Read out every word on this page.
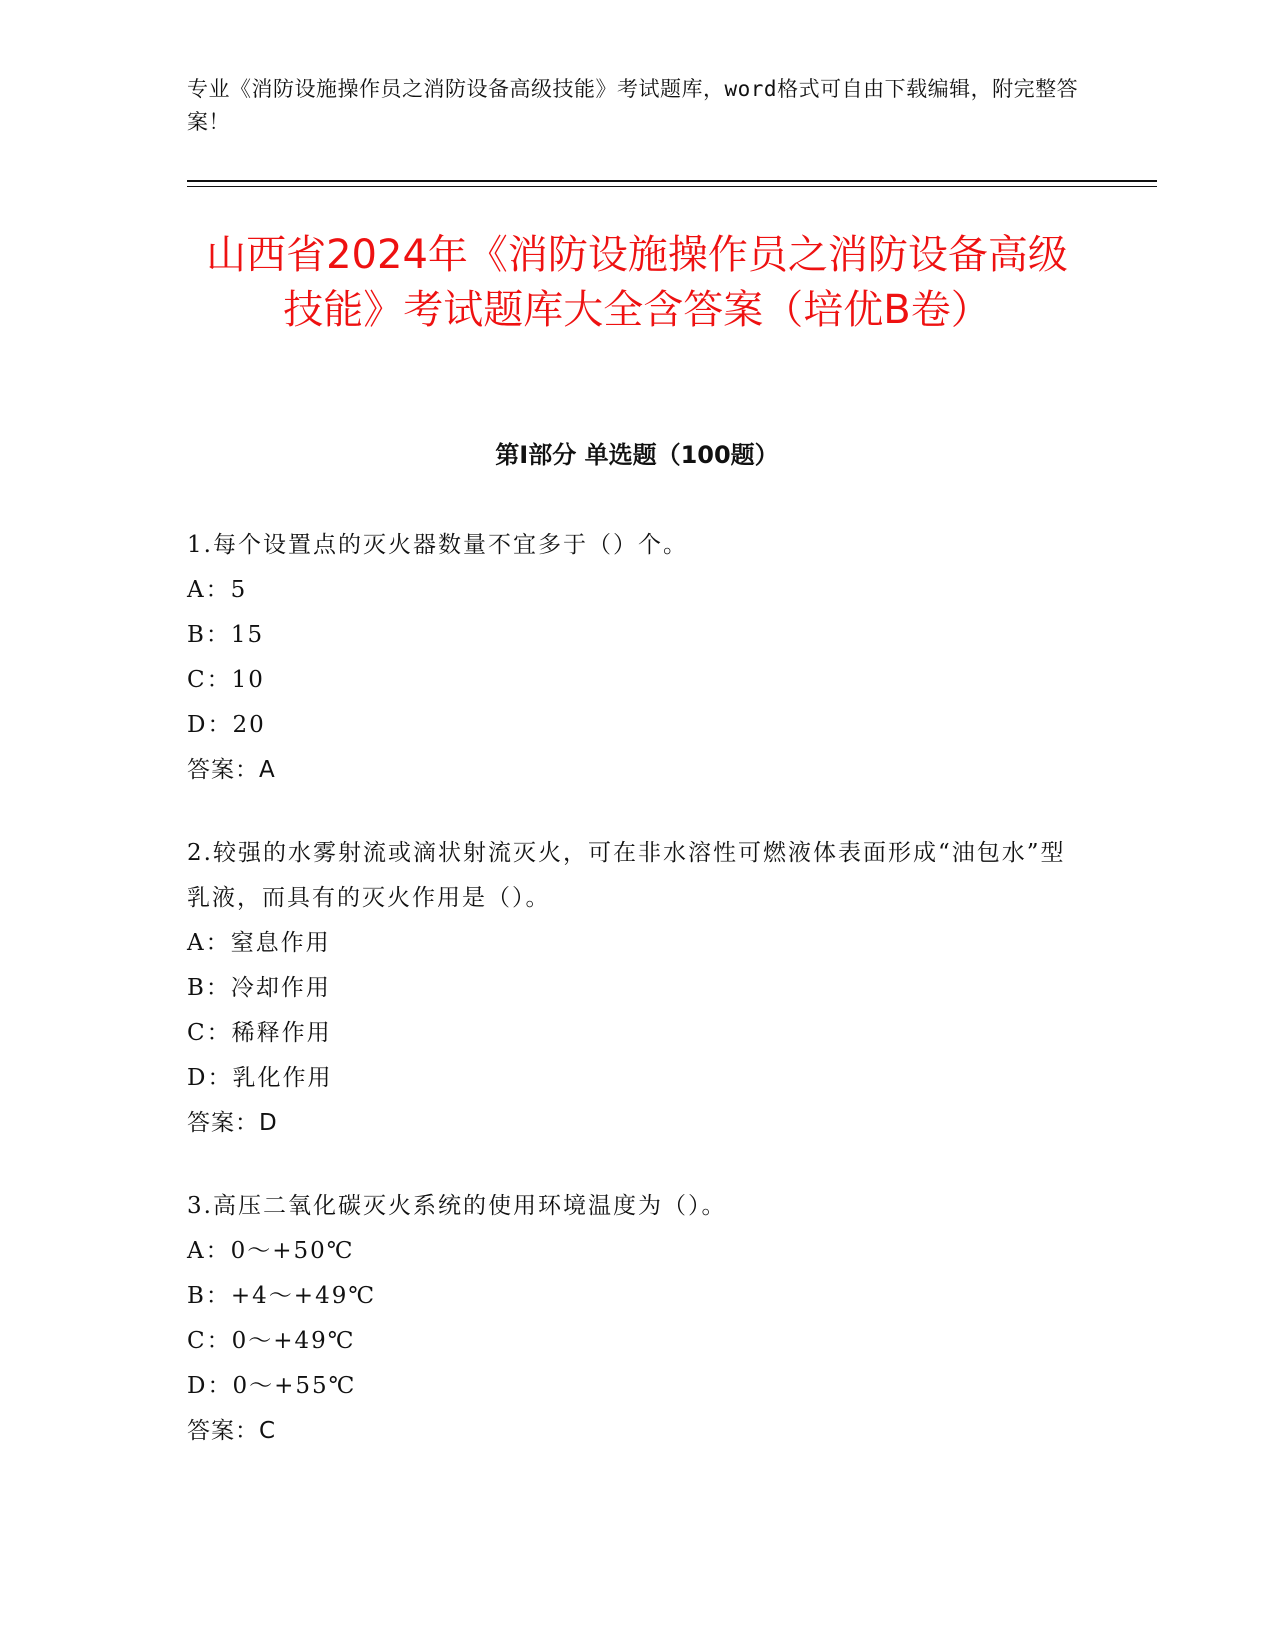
专业《消防设施操作员之消防设备高级技能》考试题库，word格式可自由下载编辑，附完整答案！
山西省2024年《消防设施操作员之消防设备高级技能》考试题库大全含答案（培优B卷）
第I部分 单选题（100题）
1.每个设置点的灭火器数量不宜多于（）个。
A：5
B：15
C：10
D：20
答案：A
2.较强的水雾射流或滴状射流灭火，可在非水溶性可燃液体表面形成“油包水”型乳液，而具有的灭火作用是（）。
A：窒息作用
B：冷却作用
C：稀释作用
D：乳化作用
答案：D
3.高压二氧化碳灭火系统的使用环境温度为（）。
A：0～+50℃
B：+4～+49℃
C：0～+49℃
D：0～+55℃
答案：C
